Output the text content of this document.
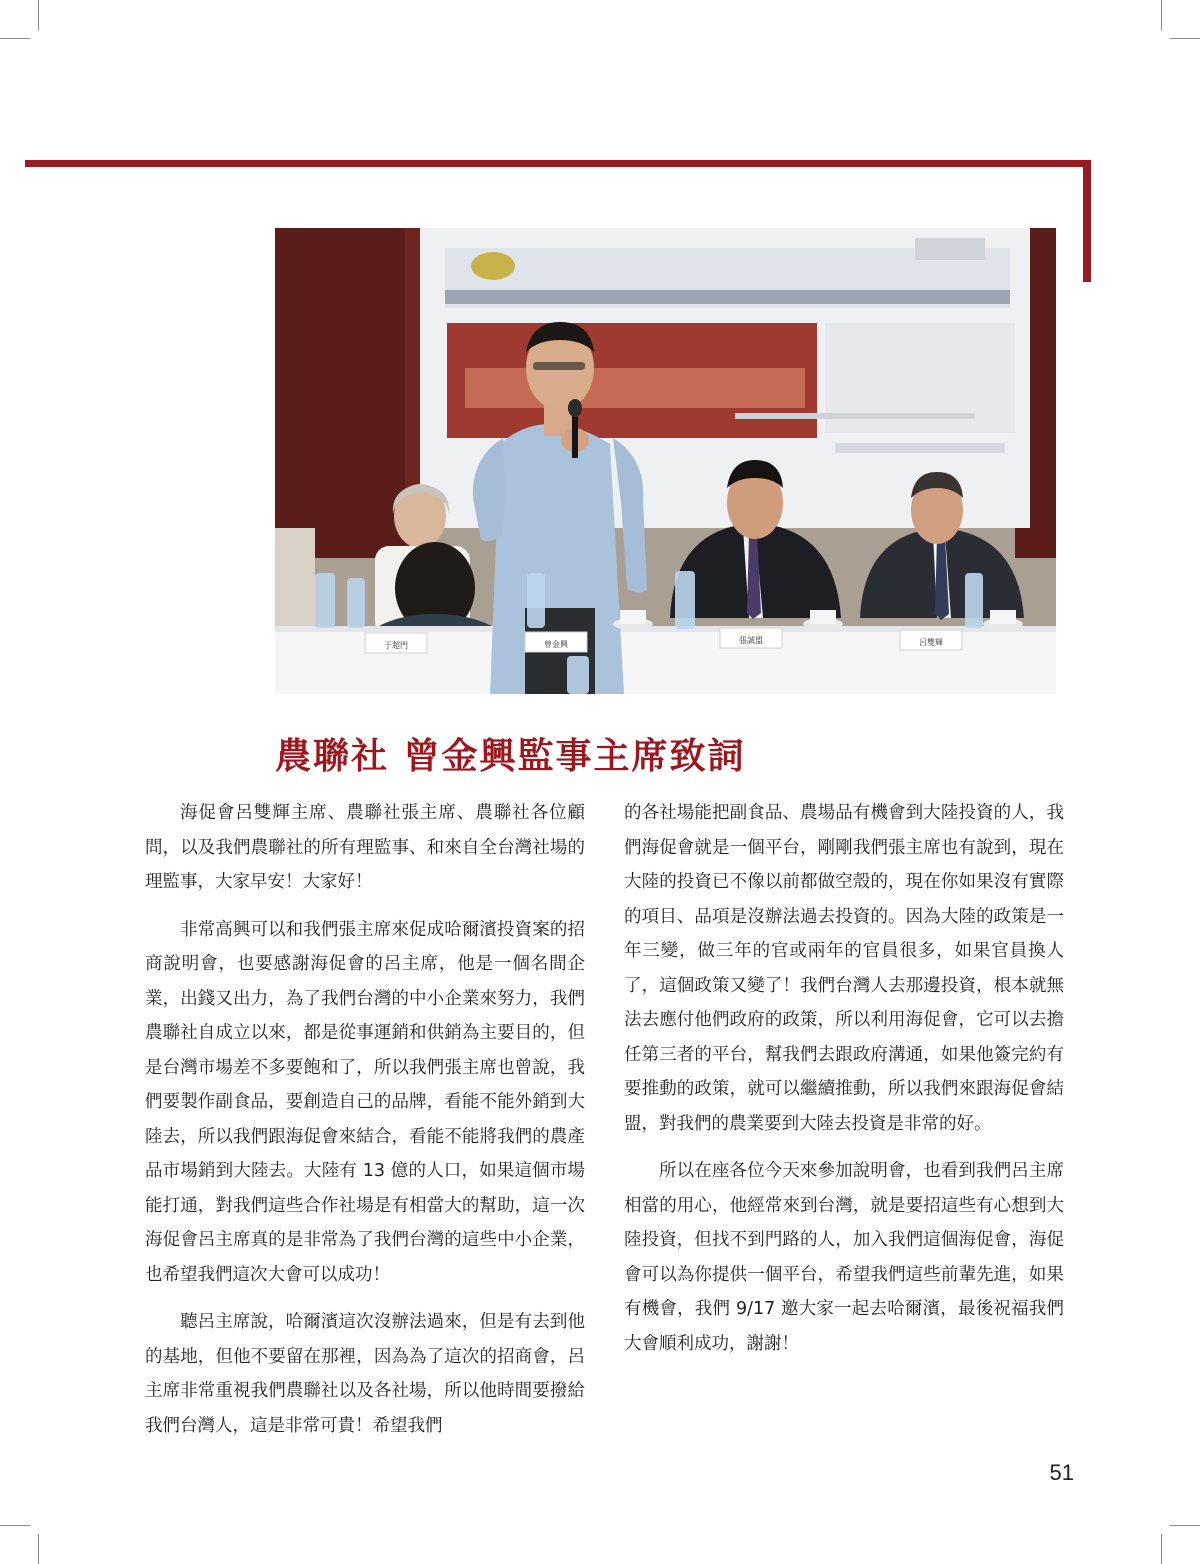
于超門	曾金興	張誠盟	呂雙輝
農聯社 曾金興監事主席致詞

海促會呂雙輝主席、農聯社張主席、農聯社各位顧問，以及我們農聯社的所有理監事、和來自全台灣社場的理監事，大家早安！大家好！

非常高興可以和我們張主席來促成哈爾濱投資案的招商說明會，也要感謝海促會的呂主席，他是一個名間企業，出錢又出力，為了我們台灣的中小企業來努力，我們農聯社自成立以來，都是從事運銷和供銷為主要目的，但是台灣市場差不多要飽和了，所以我們張主席也曾說，我們要製作副食品，要創造自己的品牌，看能不能外銷到大陸去，所以我們跟海促會來結合，看能不能將我們的農產品市場銷到大陸去。大陸有 13 億的人口，如果這個市場能打通，對我們這些合作社場是有相當大的幫助，這一次海促會呂主席真的是非常為了我們台灣的這些中小企業，也希望我們這次大會可以成功！

聽呂主席說，哈爾濱這次沒辦法過來，但是有去到他的基地，但他不要留在那裡，因為為了這次的招商會，呂主席非常重視我們農聯社以及各社場，所以他時間要撥給我們台灣人，這是非常可貴！希望我們

的各社場能把副食品、農場品有機會到大陸投資的人，我們海促會就是一個平台，剛剛我們張主席也有說到，現在大陸的投資已不像以前都做空殼的，現在你如果沒有實際的項目、品項是沒辦法過去投資的。因為大陸的政策是一年三變，做三年的官或兩年的官員很多，如果官員換人了，這個政策又變了！我們台灣人去那邊投資，根本就無法去應付他們政府的政策，所以利用海促會，它可以去擔任第三者的平台，幫我們去跟政府溝通，如果他簽完約有要推動的政策，就可以繼續推動，所以我們來跟海促會結盟，對我們的農業要到大陸去投資是非常的好。

所以在座各位今天來參加說明會，也看到我們呂主席相當的用心，他經常來到台灣，就是要招這些有心想到大陸投資，但找不到門路的人，加入我們這個海促會，海促會可以為你提供一個平台，希望我們這些前輩先進，如果有機會，我們 9/17 邀大家一起去哈爾濱，最後祝福我們大會順利成功，謝謝！

51
